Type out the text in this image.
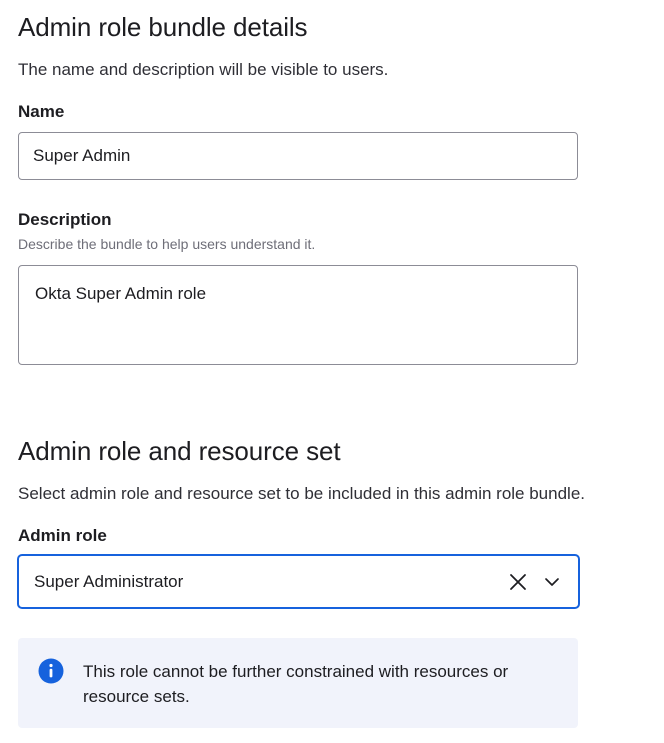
Admin role bundle details
The name and description will be visible to users.
Name
Super Admin
Description
Describe the bundle to help users understand it.
Okta Super Admin role
Admin role and resource set
Select admin role and resource set to be included in this admin role bundle.
Admin role
Super Administrator
This role cannot be further constrained with resources or resource sets.
